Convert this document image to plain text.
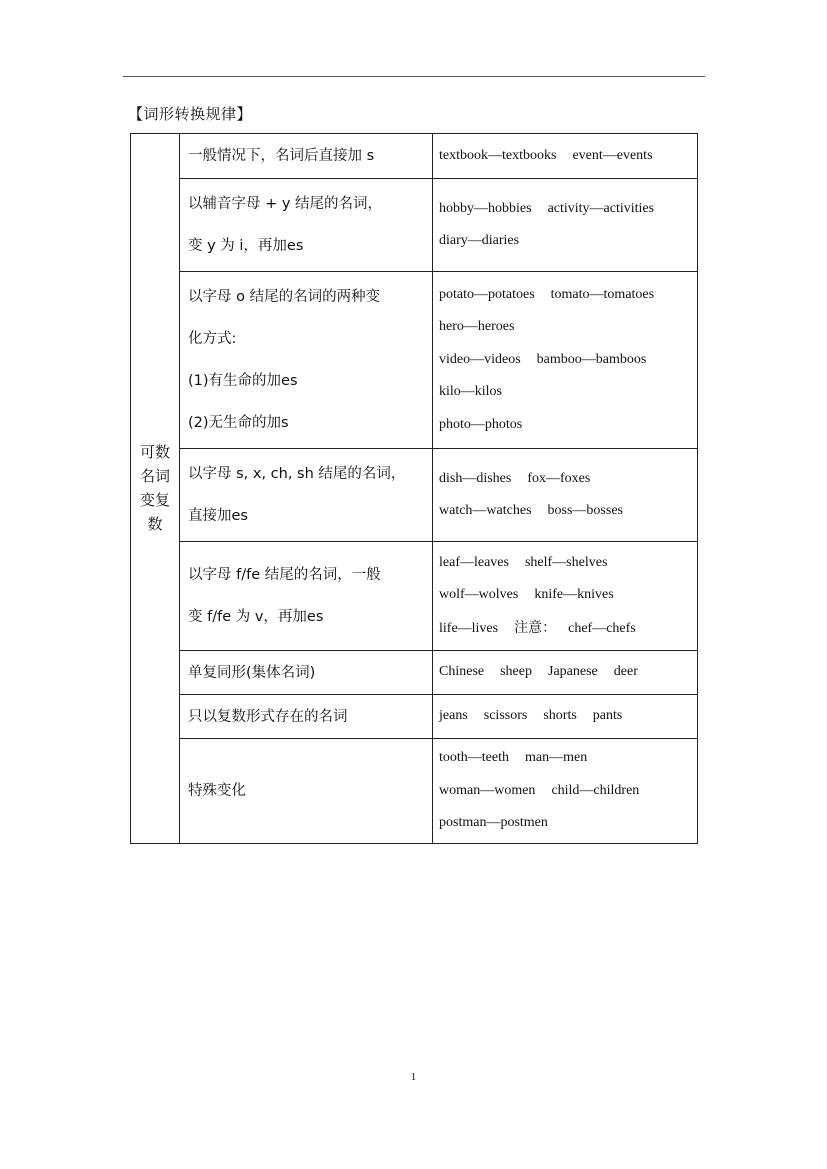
【词形转换规律】
可数
名词
变复
数	一般情况下，名词后直接加 s	textbook—textbooks event—events

	以辅音字母 + y 结尾的名词，
变 y 为 i，再加es	hobby—hobbies activity—activities
diary—diaries

	以字母 o 结尾的名词的两种变
化方式:
(1)有生命的加es
(2)无生命的加s	potato—potatoes tomato—tomatoes
hero—heroes
video—videos bamboo—bamboos
kilo—kilos
photo—photos

	以字母 s, x, ch, sh 结尾的名词，
直接加es	dish—dishes fox—foxes
watch—watches boss—bosses

	以字母 f/fe 结尾的名词，一般
变 f/fe 为 v，再加es	leaf—leaves shelf—shelves
wolf—wolves knife—knives
life—lives 注意： chef—chefs

	单复同形(集体名词)	Chinese sheep Japanese deer

	只以复数形式存在的名词	jeans scissors shorts pants

	特殊变化	tooth—teeth man—men
woman—women child—children
postman—postmen
1
